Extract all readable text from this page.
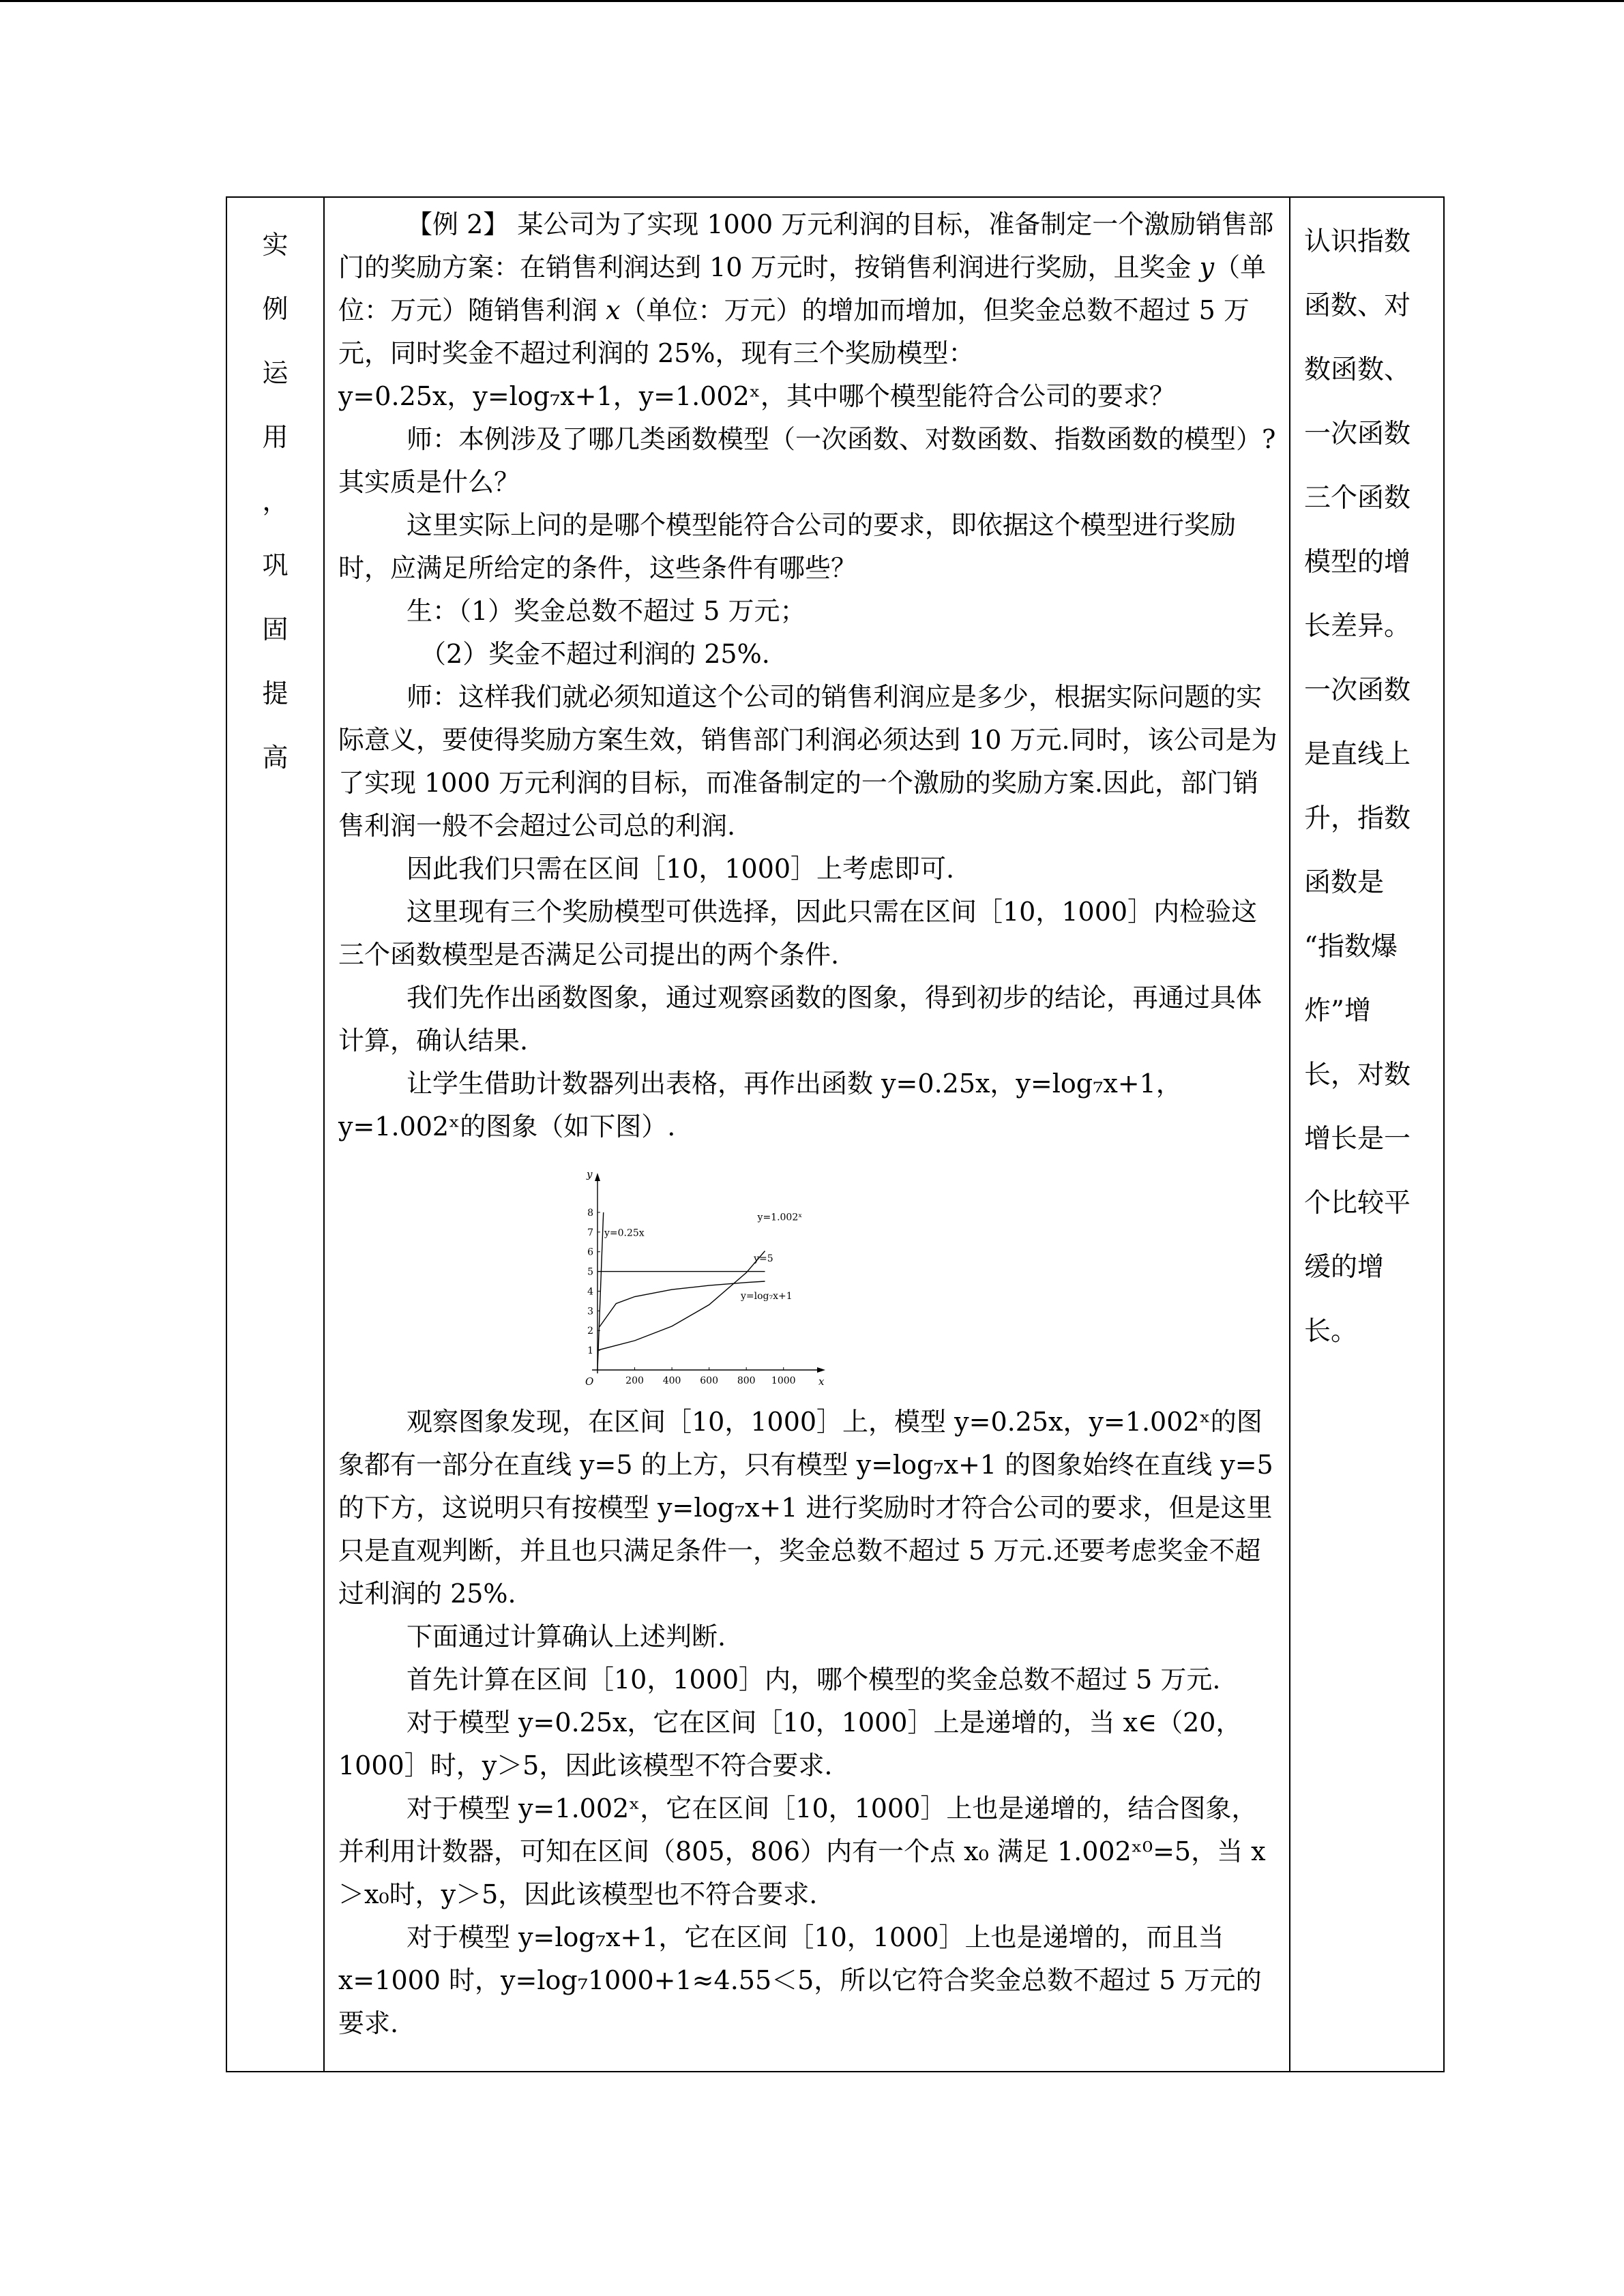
实
例
运
用
，
巩
固
提
高

【例 2】 某公司为了实现 1000 万元利润的目标，准备制定一个激励销售部门的奖励方案：在销售利润达到 10 万元时，按销售利润进行奖励，且奖金 y（单位：万元）随销售利润 x（单位：万元）的增加而增加，但奖金总数不超过 5 万元，同时奖金不超过利润的 25%，现有三个奖励模型：

y=0.25x，y=log₇x+1，y=1.002ˣ，其中哪个模型能符合公司的要求？

师：本例涉及了哪几类函数模型（一次函数、对数函数、指数函数的模型）?其实质是什么？

这里实际上问的是哪个模型能符合公司的要求，即依据这个模型进行奖励时，应满足所给定的条件，这些条件有哪些？

生：（1）奖金总数不超过 5 万元；

（2）奖金不超过利润的 25%.

师：这样我们就必须知道这个公司的销售利润应是多少，根据实际问题的实际意义，要使得奖励方案生效，销售部门利润必须达到 10 万元.同时，该公司是为了实现 1000 万元利润的目标，而准备制定的一个激励的奖励方案.因此，部门销售利润一般不会超过公司总的利润.

因此我们只需在区间［10，1000］上考虑即可.

这里现有三个奖励模型可供选择，因此只需在区间［10，1000］内检验这三个函数模型是否满足公司提出的两个条件.

我们先作出函数图象，通过观察函数的图象，得到初步的结论，再通过具体计算，确认结果.

让学生借助计数器列出表格，再作出函数 y=0.25x，y=log₇x+1，y=1.002ˣ的图象（如下图）.

x
y
O	200 400 600 800 1000
1
2
3
4
5
6
7
8
y=0.25x
y=1.002ˣ
y=5
y=log₇x+1

观察图象发现，在区间［10，1000］上，模型 y=0.25x，y=1.002ˣ的图象都有一部分在直线 y=5 的上方，只有模型 y=log₇x+1 的图象始终在直线 y=5 的下方，这说明只有按模型 y=log₇x+1 进行奖励时才符合公司的要求，但是这里只是直观判断，并且也只满足条件一，奖金总数不超过 5 万元.还要考虑奖金不超过利润的 25%.

下面通过计算确认上述判断.

首先计算在区间［10，1000］内，哪个模型的奖金总数不超过 5 万元.

对于模型 y=0.25x，它在区间［10，1000］上是递增的，当 x∈（20，1000］时，y＞5，因此该模型不符合要求.

对于模型 y=1.002ˣ，它在区间［10，1000］上也是递增的，结合图象，并利用计数器，可知在区间（805，806）内有一个点 x₀ 满足 1.002ˣ⁰=5，当 x＞x₀时，y＞5，因此该模型也不符合要求.

对于模型 y=log₇x+1，它在区间［10，1000］上也是递增的，而且当 x=1000 时，y=log₇1000+1≈4.55＜5，所以它符合奖金总数不超过 5 万元的要求.

认识指数
函数、对
数函数、
一次函数
三个函数
模型的增
长差异。
一次函数
是直线上
升，指数
函数是
“指数爆
炸”增
长，对数
增长是一
个比较平
缓的增
长。
